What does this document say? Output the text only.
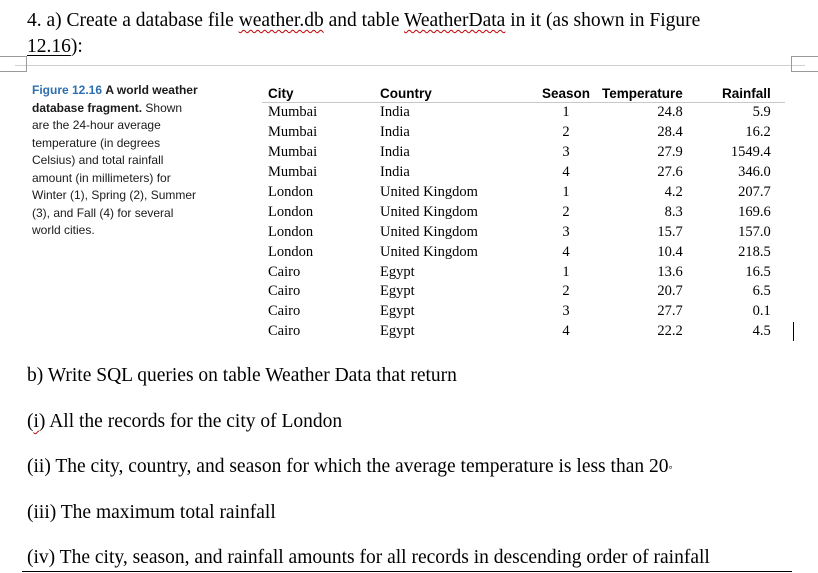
4. a) Create a database file weather.db and table WeatherData in it (as shown in Figure
12.16):
Figure 12.16 A world weather database fragment. Shown are the 24-hour average temperature (in degrees Celsius) and total rainfall amount (in millimeters) for Winter (1), Spring (2), Summer (3), and Fall (4) for several world cities.
City	Country	Season	Temperature	Rainfall
Mumbai	India	1	24.8	5.9
Mumbai	India	2	28.4	16.2
Mumbai	India	3	27.9	1549.4
Mumbai	India	4	27.6	346.0
London	United Kingdom	1	4.2	207.7
London	United Kingdom	2	8.3	169.6
London	United Kingdom	3	15.7	157.0
London	United Kingdom	4	10.4	218.5
Cairo	Egypt	1	13.6	16.5
Cairo	Egypt	2	20.7	6.5
Cairo	Egypt	3	27.7	0.1
Cairo	Egypt	4	22.2	4.5
b) Write SQL queries on table Weather Data that return
(i) All the records for the city of London
(ii) The city, country, and season for which the average temperature is less than 20◦
(iii) The maximum total rainfall
(iv) The city, season, and rainfall amounts for all records in descending order of rainfall
